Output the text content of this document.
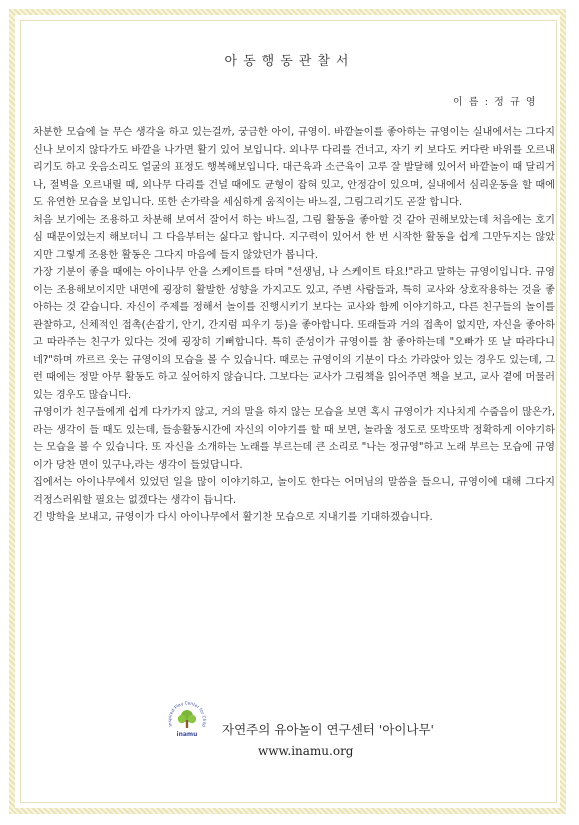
아동행동관찰서
이 름 : 정 규 영

차분한 모습에 늘 무슨 생각을 하고 있는걸까, 궁금한 아이, 규영이. 바깥놀이를 좋아하는 규영이는 실내에서는 그다지 신나 보이지 않다가도 바깥을 나가면 활기 있어 보입니다. 외나무 다리를 건너고, 자기 키 보다도 커다란 바위를 오르내리기도 하고 웃음소리도 얼굴의 표정도 행복해보입니다. 대근육과 소근육이 고루 잘 발달해 있어서 바깥놀이 때 달리거나, 절벽을 오르내릴 때, 외나무 다리를 건널 때에도 균형이 잡혀 있고, 안정감이 있으며, 실내에서 심리운동을 할 때에도 유연한 모습을 보입니다. 또한 손가락을 세심하게 움직이는 바느질, 그림그리기도 곧잘 합니다.

처음 보기에는 조용하고 차분해 보여서 잘어서 하는 바느질, 그림 활동을 좋아할 것 같아 권해보았는데 처음에는 호기심 때문이었는지 해보더니 그 다음부터는 싫다고 합니다. 지구력이 있어서 한 번 시작한 활동을 쉽게 그만두지는 않았지만 그렇게 조용한 활동은 그다지 마음에 들지 않았던가 봅니다.

가장 기분이 좋을 때에는 아이나무 안을 스케이트를 타며 "선생님, 나 스케이트 타요!"라고 말하는 규영이입니다. 규영이는 조용해보이지만 내면에 굉장히 활발한 성향을 가지고도 있고, 주변 사람들과, 특히 교사와 상호작용하는 것을 좋아하는 것 같습니다. 자신이 주제를 정해서 놀이를 진행시키기 보다는 교사와 함께 이야기하고, 다른 친구들의 놀이를 관찰하고, 신체적인 접촉(손잡기, 안기, 간지럼 피우기 등)을 좋아합니다. 또래들과 거의 접촉이 없지만, 자신을 좋아하고 따라주는 친구가 있다는 것에 굉장히 기뻐합니다. 특히 준성이가 규영이를 참 좋아하는데 "오빠가 또 날 따라다니네?"하며 까르르 웃는 규영이의 모습을 볼 수 있습니다. 때로는 규영이의 기분이 다소 가라앉아 있는 경우도 있는데, 그런 때에는 정말 아무 활동도 하고 싶어하지 않습니다. 그보다는 교사가 그림책을 읽어주면 책을 보고, 교사 곁에 머물러 있는 경우도 많습니다.

규영이가 친구들에게 쉽게 다가가지 않고, 거의 말을 하지 않는 모습을 보면 혹시 규영이가 지나치게 수줍음이 많은가, 라는 생각이 들 때도 있는데, 들송활동시간에 자신의 이야기를 할 때 보면, 놀라울 정도로 또박또박 정확하게 이야기하는 모습을 볼 수 있습니다. 또 자신을 소개하는 노래를 부르는데 큰 소리로 "나는 정규영"하고 노래 부르는 모습에 규영이가 당찬 면이 있구나,라는 생각이 들었답니다.

집에서는 아이나무에서 있었던 일을 많이 이야기하고, 놀이도 한다는 어머님의 말씀을 들으니, 규영이에 대해 그다지 걱정스러워할 필요는 없겠다는 생각이 듭니다.

긴 방학을 보내고, 규영이가 다시 아이나무에서 활기찬 모습으로 지내기를 기대하겠습니다.

Inspired Play Center for Child
inamu 자연주의 유아놀이 연구센터 '아이나무'
www.inamu.org
